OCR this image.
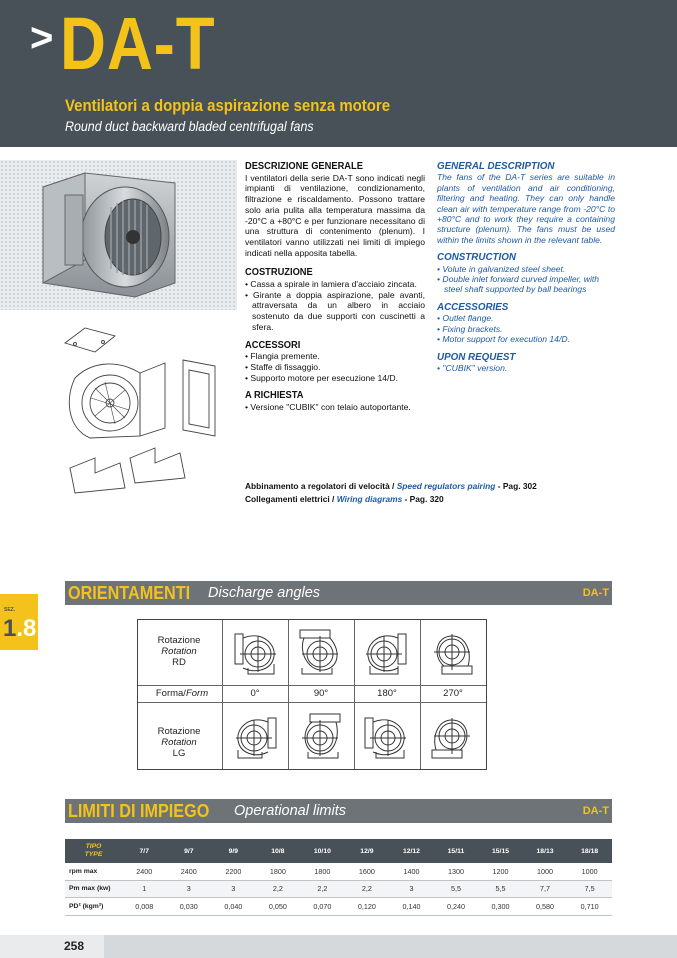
> DA-T
Ventilatori a doppia aspirazione senza motore
Round duct backward bladed centrifugal fans
DESCRIZIONE GENERALE
I ventilatori della serie DA-T sono indicati negli impianti di ventilazione, condizionamento, filtrazione e riscaldamento. Possono trattare solo aria pulita alla temperatura massima da -20°C a +80°C e per funzionare necessitano di una struttura di contenimento (plenum). I ventilatori vanno utilizzati nei limiti di impiego indicati nella apposita tabella.
COSTRUZIONE
• Cassa a spirale in lamiera d'acciaio zincata.
• Girante a doppia aspirazione, pale avanti, attraversata da un albero in acciaio sostenuto da due supporti con cuscinetti a sfera.
ACCESSORI
• Flangia premente.
• Staffe di fissaggio.
• Supporto motore per esecuzione 14/D.
A RICHIESTA
• Versione "CUBIK" con telaio autoportante.
GENERAL DESCRIPTION
The fans of the DA-T series are suitable in plants of ventilation and air conditioning, filtering and heating. They can only handle clean air with temperature range from -20°C to +80°C and to work they require a containing structure (plenum). The fans must be used within the limits shown in the relevant table.
CONSTRUCTION
• Volute in galvanized steel sheet.
• Double inlet forward curved impeller, with steel shaft supported by ball bearings
ACCESSORIES
• Outlet flange.
• Fixing brackets.
• Motor support for execution 14/D.
UPON REQUEST
• "CUBIK" version.
Abbinamento a regolatori di velocità / Speed regulators pairing - Pag. 302
Collegamenti elettrici / Wiring diagrams - Pag. 320
SEZ.
1.8
ORIENTAMENTI Discharge angles	DA-T
Rotazione
Rotation
RD
Rotazione
Rotation
LG
Forma/Form	0°	90°	180°	270°
LIMITI DI IMPIEGO Operational limits	DA-T
TIPO
TYPE	7/7	9/7	9/9	10/8	10/10	12/9	12/12	15/11	15/15	18/13	18/18
rpm max	2400	2400	2200	1800	1800	1600	1400	1300	1200	1000	1000
Pm max (kw)	1	3	3	2,2	2,2	2,2	3	5,5	5,5	7,7	7,5
PD² (kgm²)	0,008	0,030	0,040	0,050	0,070	0,120	0,140	0,240	0,300	0,580	0,710
258
